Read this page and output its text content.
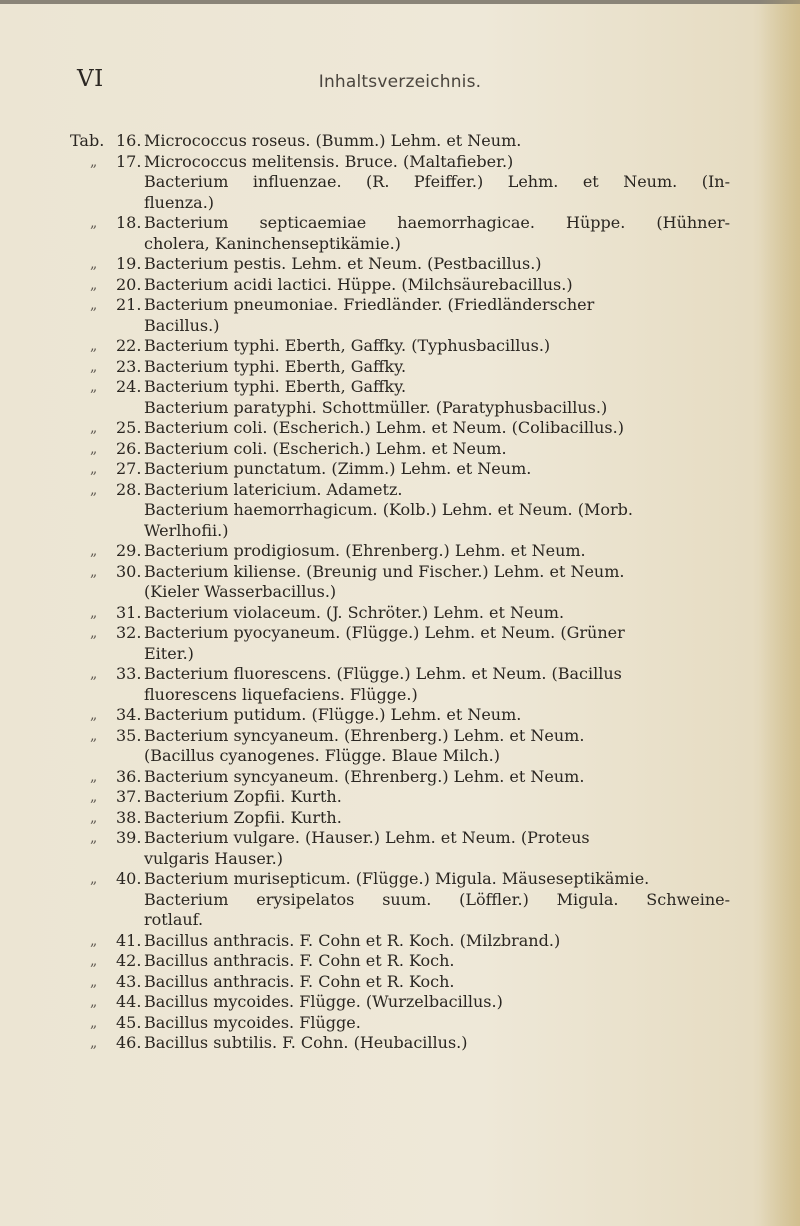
VI	Inhaltsverzeichnis.
Tab. 16. Micrococcus roseus. (Bumm.) Lehm. et Neum.
„	17. Micrococcus melitensis. Bruce. (Maltafieber.)
Bacterium influenzae. (R. Pfeiffer.) Lehm. et Neum. (In-
fluenza.)
„	18. Bacterium septicaemiae haemorrhagicae. Hüppe. (Hühner-
cholera, Kaninchenseptikämie.)
„	19. Bacterium pestis. Lehm. et Neum. (Pestbacillus.)
„	20. Bacterium acidi lactici. Hüppe. (Milchsäurebacillus.)
„	21. Bacterium pneumoniae. Friedländer. (Friedländerscher
Bacillus.)
„	22. Bacterium typhi. Eberth, Gaffky. (Typhusbacillus.)
„	23. Bacterium typhi. Eberth, Gaffky.
„	24. Bacterium typhi. Eberth, Gaffky.
Bacterium paratyphi. Schottmüller. (Paratyphusbacillus.)
„	25. Bacterium coli. (Escherich.) Lehm. et Neum. (Colibacillus.)
„	26. Bacterium coli. (Escherich.) Lehm. et Neum.
„	27. Bacterium punctatum. (Zimm.) Lehm. et Neum.
„	28. Bacterium latericium. Adametz.
Bacterium haemorrhagicum. (Kolb.) Lehm. et Neum. (Morb.
Werlhofii.)
„	29. Bacterium prodigiosum. (Ehrenberg.) Lehm. et Neum.
„	30. Bacterium kiliense. (Breunig und Fischer.) Lehm. et Neum.
(Kieler Wasserbacillus.)
„	31. Bacterium violaceum. (J. Schröter.) Lehm. et Neum.
„	32. Bacterium pyocyaneum. (Flügge.) Lehm. et Neum. (Grüner
Eiter.)
„	33. Bacterium fluorescens. (Flügge.) Lehm. et Neum. (Bacillus
fluorescens liquefaciens. Flügge.)
„	34. Bacterium putidum. (Flügge.) Lehm. et Neum.
„	35. Bacterium syncyaneum. (Ehrenberg.) Lehm. et Neum.
(Bacillus cyanogenes. Flügge. Blaue Milch.)
„	36. Bacterium syncyaneum. (Ehrenberg.) Lehm. et Neum.
„	37. Bacterium Zopfii. Kurth.
„	38. Bacterium Zopfii. Kurth.
„	39. Bacterium vulgare. (Hauser.) Lehm. et Neum. (Proteus
vulgaris Hauser.)
„	40. Bacterium murisepticum. (Flügge.) Migula. Mäuseseptikämie.
Bacterium erysipelatos suum. (Löffler.) Migula. Schweine-
rotlauf.
„	41. Bacillus anthracis. F. Cohn et R. Koch. (Milzbrand.)
„	42. Bacillus anthracis. F. Cohn et R. Koch.
„	43. Bacillus anthracis. F. Cohn et R. Koch.
„	44. Bacillus mycoides. Flügge. (Wurzelbacillus.)
„	45. Bacillus mycoides. Flügge.
„	46. Bacillus subtilis. F. Cohn. (Heubacillus.)
